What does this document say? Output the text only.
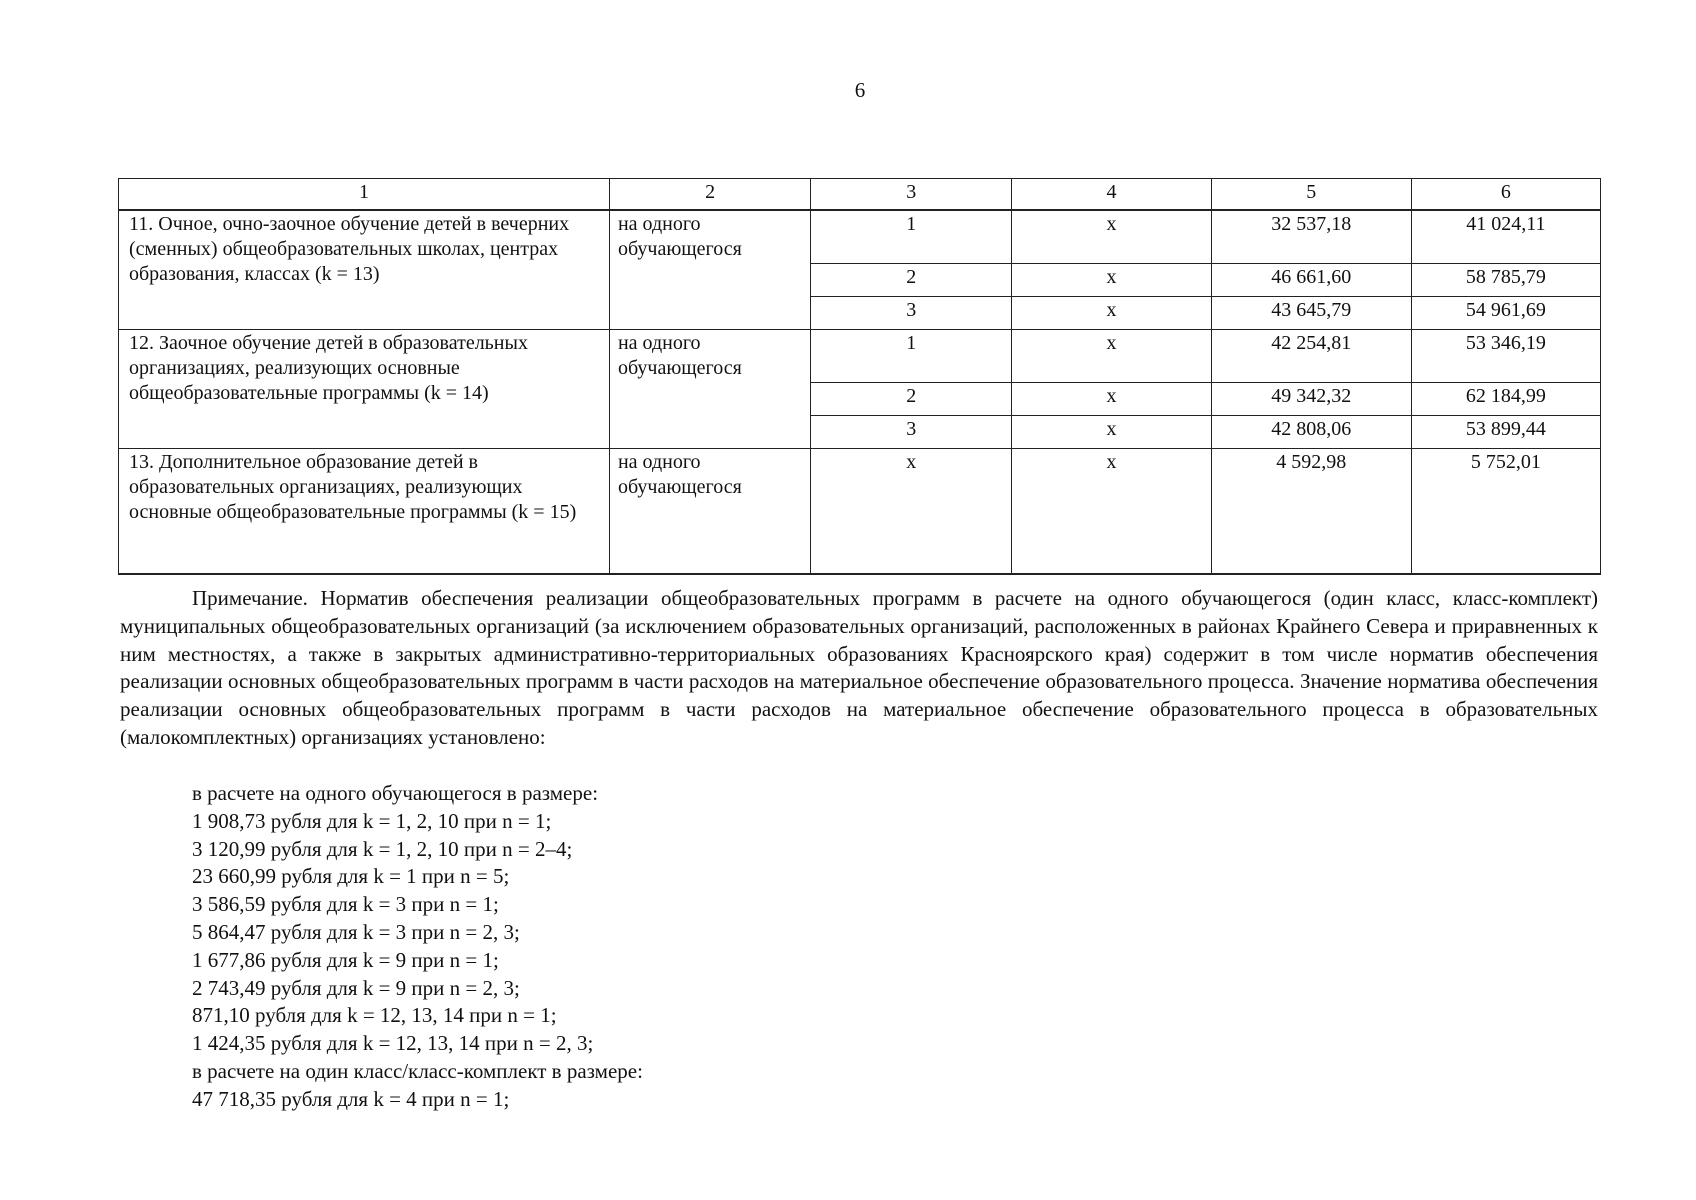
6
1	2	3	4	5	6
11. Очное, очно-заочное обучение детей в вечерних (сменных) общеобразовательных школах, центрах образования, классах (k = 13)	на одного обучающегося	1	х	32 537,18	41 024,11
		2	х	46 661,60	58 785,79
		3	х	43 645,79	54 961,69
12. Заочное обучение детей в образовательных организациях, реализующих основные общеобразовательные программы (k = 14)	на одного обучающегося	1	х	42 254,81	53 346,19
		2	х	49 342,32	62 184,99
		3	х	42 808,06	53 899,44
13. Дополнительное образование детей в образовательных организациях, реализующих основные общеобразовательные программы (k = 15)	на одного обучающегося	х	х	4 592,98	5 752,01

Примечание. Норматив обеспечения реализации общеобразовательных программ в расчете на одного обучающегося (один класс, класс-комплект) муниципальных общеобразовательных организаций (за исключением образовательных организаций, расположенных в районах Крайнего Севера и приравненных к ним местностях, а также в закрытых административно-территориальных образованиях Красноярского края) содержит в том числе норматив обеспечения реализации основных общеобразовательных программ в части расходов на материальное обеспечение образовательного процесса. Значение норматива обеспечения реализации основных общеобразовательных программ в части расходов на материальное обеспечение образовательного процесса в образовательных (малокомплектных) организациях установлено:

в расчете на одного обучающегося в размере:
1 908,73 рубля для k = 1, 2, 10 при n = 1;
3 120,99 рубля для k = 1, 2, 10 при n = 2–4;
23 660,99 рубля для k = 1 при n = 5;
3 586,59 рубля для k = 3 при n = 1;
5 864,47 рубля для k = 3 при n = 2, 3;
1 677,86 рубля для k = 9 при n = 1;
2 743,49 рубля для k = 9 при n = 2, 3;
871,10 рубля для k = 12, 13, 14 при n = 1;
1 424,35 рубля для k = 12, 13, 14 при n = 2, 3;
в расчете на один класс/класс-комплект в размере:
47 718,35 рубля для k = 4 при n = 1;
